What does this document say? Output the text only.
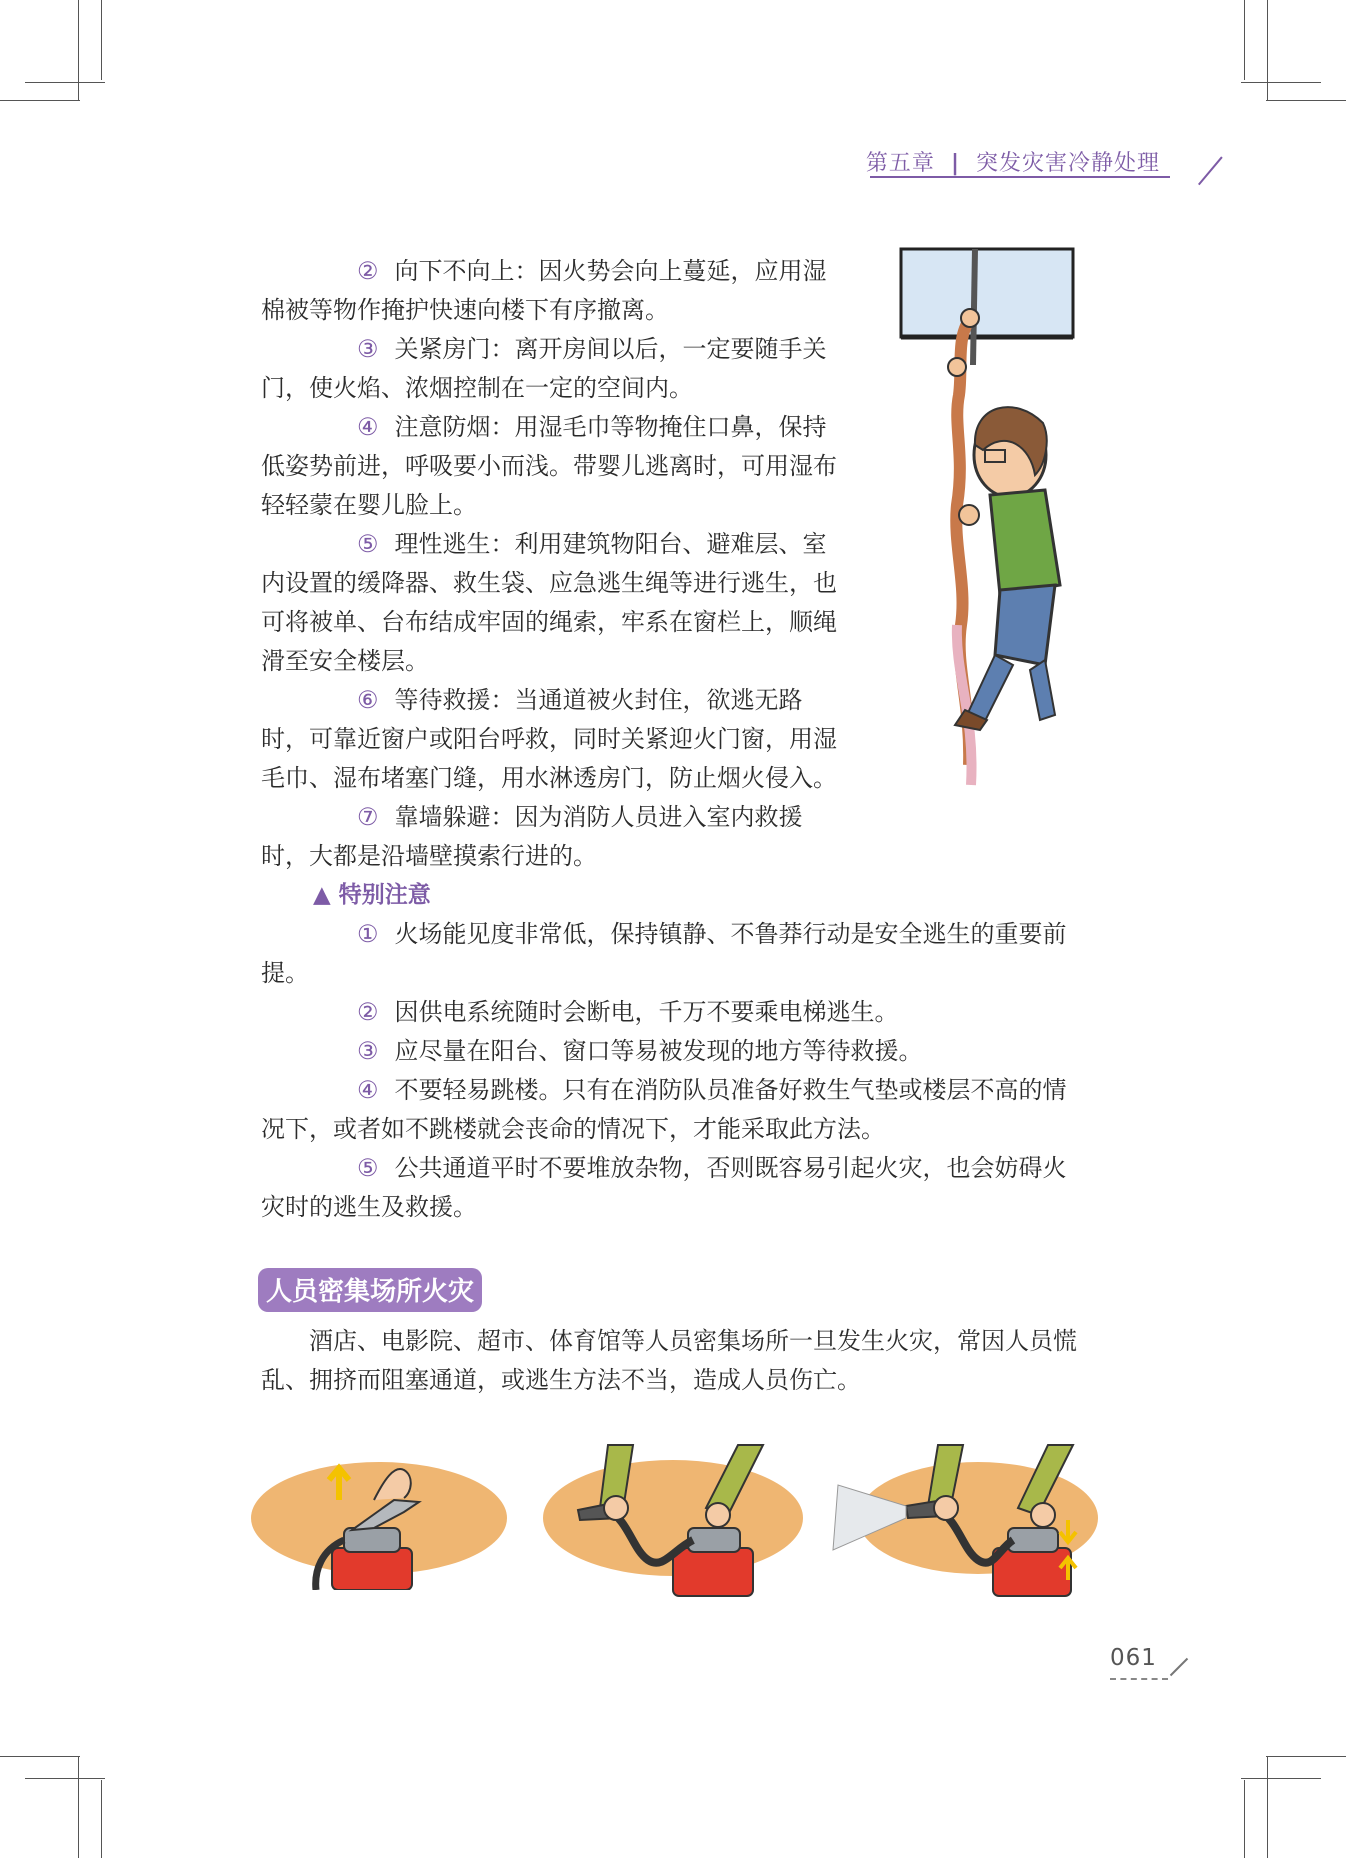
第五章 | 突发灾害冷静处理

② 向下不向上：因火势会向上蔓延，应用湿棉被等物作掩护快速向楼下有序撤离。

③ 关紧房门：离开房间以后，一定要随手关门，使火焰、浓烟控制在一定的空间内。

④ 注意防烟：用湿毛巾等物掩住口鼻，保持低姿势前进，呼吸要小而浅。带婴儿逃离时，可用湿布轻轻蒙在婴儿脸上。

⑤ 理性逃生：利用建筑物阳台、避难层、室内设置的缓降器、救生袋、应急逃生绳等进行逃生，也可将被单、台布结成牢固的绳索，牢系在窗栏上，顺绳滑至安全楼层。

⑥ 等待救援：当通道被火封住，欲逃无路时，可靠近窗户或阳台呼救，同时关紧迎火门窗，用湿毛巾、湿布堵塞门缝，用水淋透房门，防止烟火侵入。

⑦ 靠墙躲避：因为消防人员进入室内救援时，大都是沿墙壁摸索行进的。

▲ 特别注意

① 火场能见度非常低，保持镇静、不鲁莽行动是安全逃生的重要前提。

② 因供电系统随时会断电，千万不要乘电梯逃生。

③ 应尽量在阳台、窗口等易被发现的地方等待救援。

④ 不要轻易跳楼。只有在消防队员准备好救生气垫或楼层不高的情况下，或者如不跳楼就会丧命的情况下，才能采取此方法。

⑤ 公共通道平时不要堆放杂物，否则既容易引起火灾，也会妨碍火灾时的逃生及救援。

人员密集场所火灾

酒店、电影院、超市、体育馆等人员密集场所一旦发生火灾，常因人员慌乱、拥挤而阻塞通道，或逃生方法不当，造成人员伤亡。

061
